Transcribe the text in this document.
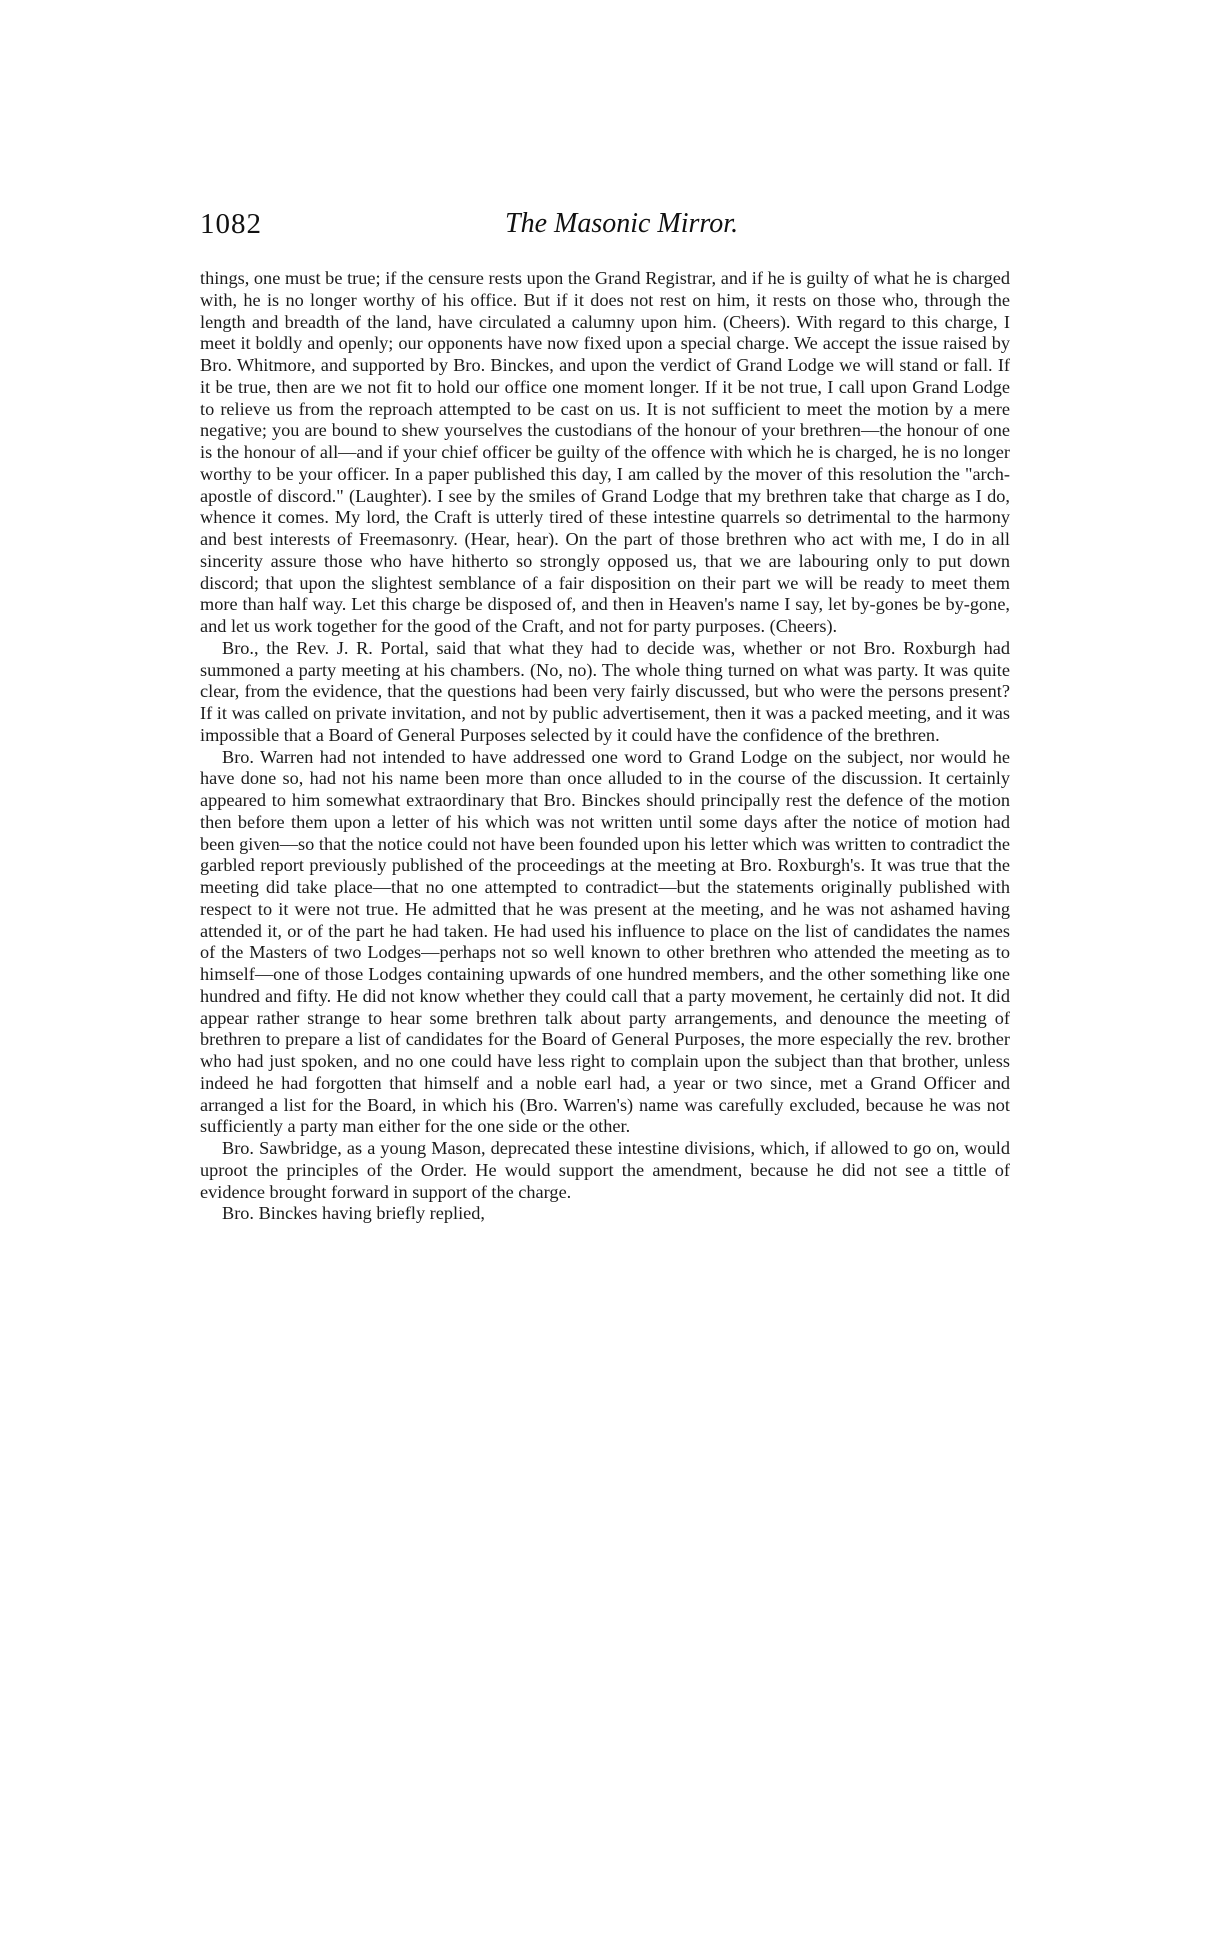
1082	The Masonic Mirror.

things, one must be true; if the censure rests upon the Grand Registrar, and if he is guilty of what he is charged with, he is no longer worthy of his office. But if it does not rest on him, it rests on those who, through the length and breadth of the land, have circulated a calumny upon him. (Cheers). With regard to this charge, I meet it boldly and openly; our opponents have now fixed upon a special charge. We accept the issue raised by Bro. Whitmore, and supported by Bro. Binckes, and upon the verdict of Grand Lodge we will stand or fall. If it be true, then are we not fit to hold our office one moment longer. If it be not true, I call upon Grand Lodge to relieve us from the reproach attempted to be cast on us. It is not sufficient to meet the motion by a mere negative; you are bound to shew yourselves the custodians of the honour of your brethren—the honour of one is the honour of all—and if your chief officer be guilty of the offence with which he is charged, he is no longer worthy to be your officer. In a paper published this day, I am called by the mover of this resolution the "arch-apostle of discord." (Laughter). I see by the smiles of Grand Lodge that my brethren take that charge as I do, whence it comes. My lord, the Craft is utterly tired of these intestine quarrels so detrimental to the harmony and best interests of Freemasonry. (Hear, hear). On the part of those brethren who act with me, I do in all sincerity assure those who have hitherto so strongly opposed us, that we are labouring only to put down discord; that upon the slightest semblance of a fair disposition on their part we will be ready to meet them more than half way. Let this charge be disposed of, and then in Heaven's name I say, let by-gones be by-gone, and let us work together for the good of the Craft, and not for party purposes. (Cheers).

Bro., the Rev. J. R. Portal, said that what they had to decide was, whether or not Bro. Roxburgh had summoned a party meeting at his chambers. (No, no). The whole thing turned on what was party. It was quite clear, from the evidence, that the questions had been very fairly discussed, but who were the persons present? If it was called on private invitation, and not by public advertisement, then it was a packed meeting, and it was impossible that a Board of General Purposes selected by it could have the confidence of the brethren.

Bro. Warren had not intended to have addressed one word to Grand Lodge on the subject, nor would he have done so, had not his name been more than once alluded to in the course of the discussion. It certainly appeared to him somewhat extraordinary that Bro. Binckes should principally rest the defence of the motion then before them upon a letter of his which was not written until some days after the notice of motion had been given—so that the notice could not have been founded upon his letter which was written to contradict the garbled report previously published of the proceedings at the meeting at Bro. Roxburgh's. It was true that the meeting did take place—that no one attempted to contradict—but the statements originally published with respect to it were not true. He admitted that he was present at the meeting, and he was not ashamed having attended it, or of the part he had taken. He had used his influence to place on the list of candidates the names of the Masters of two Lodges—perhaps not so well known to other brethren who attended the meeting as to himself—one of those Lodges containing upwards of one hundred members, and the other something like one hundred and fifty. He did not know whether they could call that a party movement, he certainly did not. It did appear rather strange to hear some brethren talk about party arrangements, and denounce the meeting of brethren to prepare a list of candidates for the Board of General Purposes, the more especially the rev. brother who had just spoken, and no one could have less right to complain upon the subject than that brother, unless indeed he had forgotten that himself and a noble earl had, a year or two since, met a Grand Officer and arranged a list for the Board, in which his (Bro. Warren's) name was carefully excluded, because he was not sufficiently a party man either for the one side or the other.

Bro. Sawbridge, as a young Mason, deprecated these intestine divisions, which, if allowed to go on, would uproot the principles of the Order. He would support the amendment, because he did not see a tittle of evidence brought forward in support of the charge.

Bro. Binckes having briefly replied,
